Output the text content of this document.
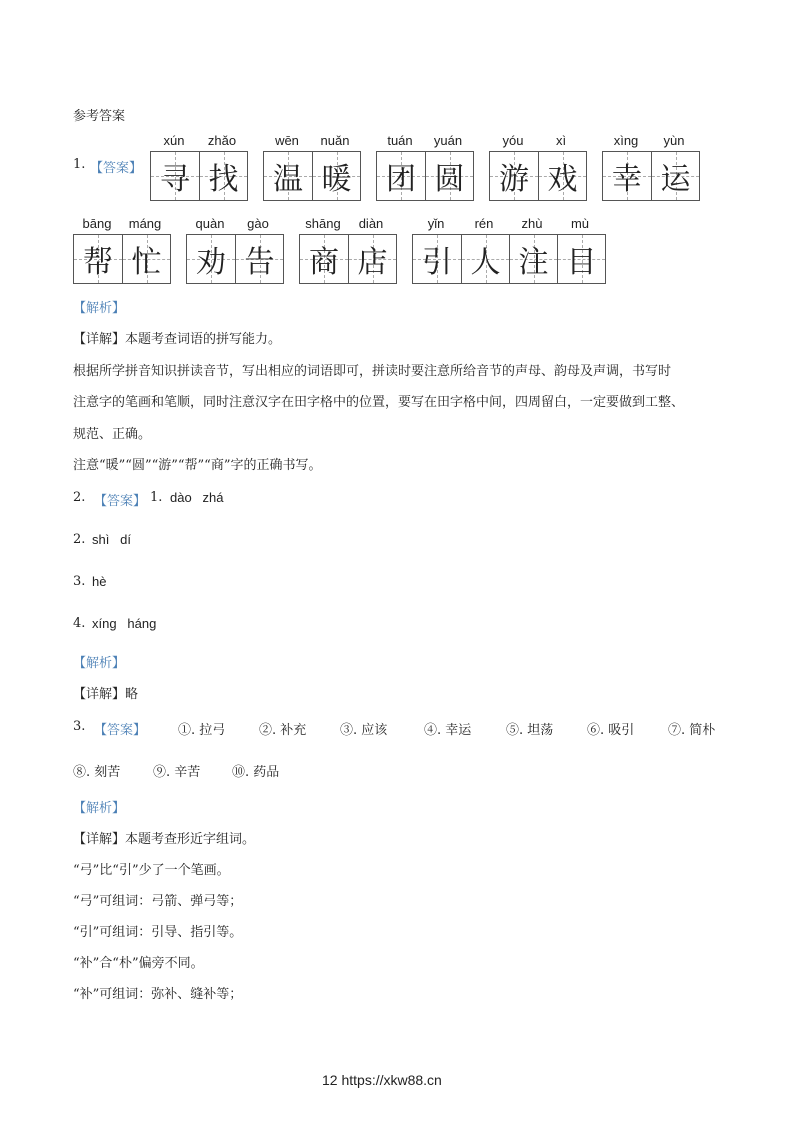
参考答案
1. 【答案】
xún	zhǎo
寻 找
wēn	nuǎn
温 暖
tuán	yuán
团 圆
yóu	xì
游 戏
xìng	yùn
幸 运
bāng	máng
帮 忙
quàn	gào
劝 告
shāng	diàn
商 店
yǐn	rén	zhù	mù
引 人 注 目
【解析】
【详解】本题考查词语的拼写能力。
根据所学拼音知识拼读音节，写出相应的词语即可，拼读时要注意所给音节的声母、韵母及声调，书写时
注意字的笔画和笔顺，同时注意汉字在田字格中的位置，要写在田字格中间，四周留白，一定要做到工整、
规范、正确。
注意“暖”“圆”“游”“帮”“商”字的正确书写。
2. 【答案】 1. dào   zhá
2. shì   dí
3. hè
4. xíng   háng
【解析】
【详解】略
3. 【答案】 ①. 拉弓	②. 补充	③. 应该	④. 幸运	⑤. 坦荡	⑥. 吸引	⑦. 简朴
⑧. 刻苦	⑨. 辛苦 ⑩. 药品
【解析】
【详解】本题考查形近字组词。
“弓”比“引”少了一个笔画。
“弓”可组词：弓箭、弹弓等；
“引”可组词：引导、指引等。
“补”合“朴”偏旁不同。
“补”可组词：弥补、缝补等；
12 https://xkw88.cn
